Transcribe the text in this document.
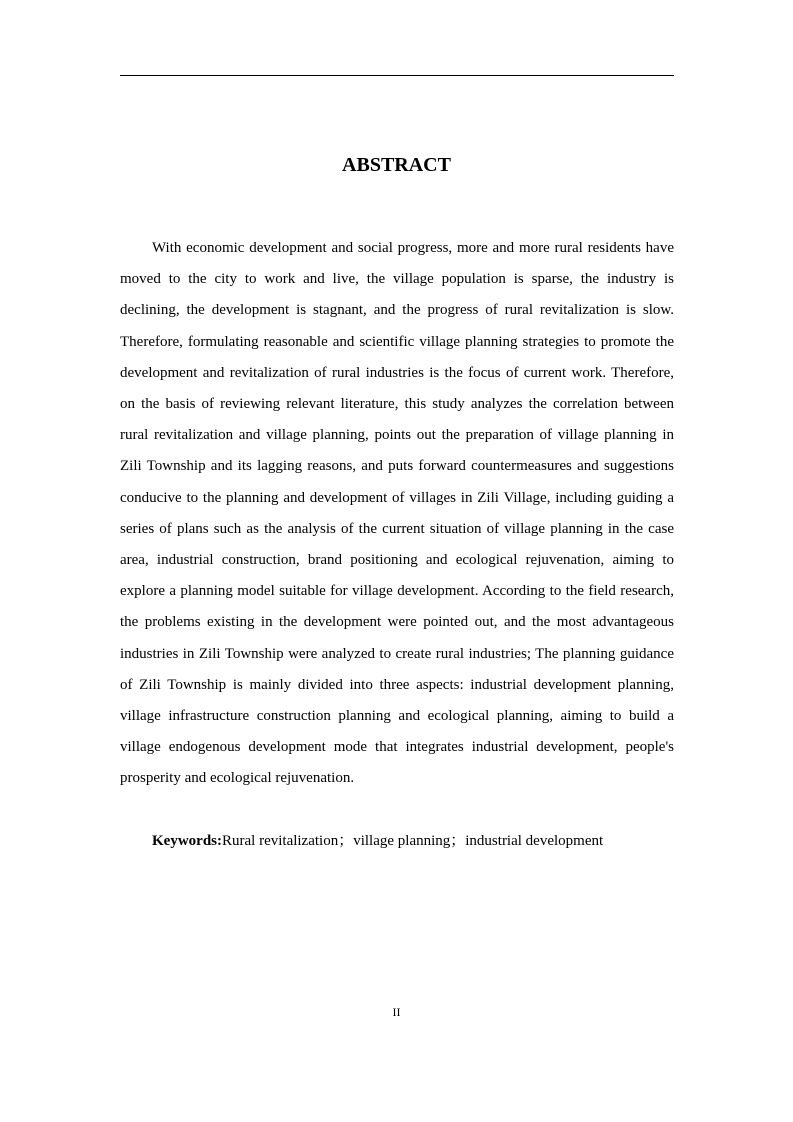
ABSTRACT

With economic development and social progress, more and more rural residents have moved to the city to work and live, the village population is sparse, the industry is declining, the development is stagnant, and the progress of rural revitalization is slow. Therefore, formulating reasonable and scientific village planning strategies to promote the development and revitalization of rural industries is the focus of current work. Therefore, on the basis of reviewing relevant literature, this study analyzes the correlation between rural revitalization and village planning, points out the preparation of village planning in Zili Township and its lagging reasons, and puts forward countermeasures and suggestions conducive to the planning and development of villages in Zili Village, including guiding a series of plans such as the analysis of the current situation of village planning in the case area, industrial construction, brand positioning and ecological rejuvenation, aiming to explore a planning model suitable for village development. According to the field research, the problems existing in the development were pointed out, and the most advantageous industries in Zili Township were analyzed to create rural industries; The planning guidance of Zili Township is mainly divided into three aspects: industrial development planning, village infrastructure construction planning and ecological planning, aiming to build a village endogenous development mode that integrates industrial development, people's prosperity and ecological rejuvenation.

Keywords:Rural revitalization；village planning；industrial development
II
